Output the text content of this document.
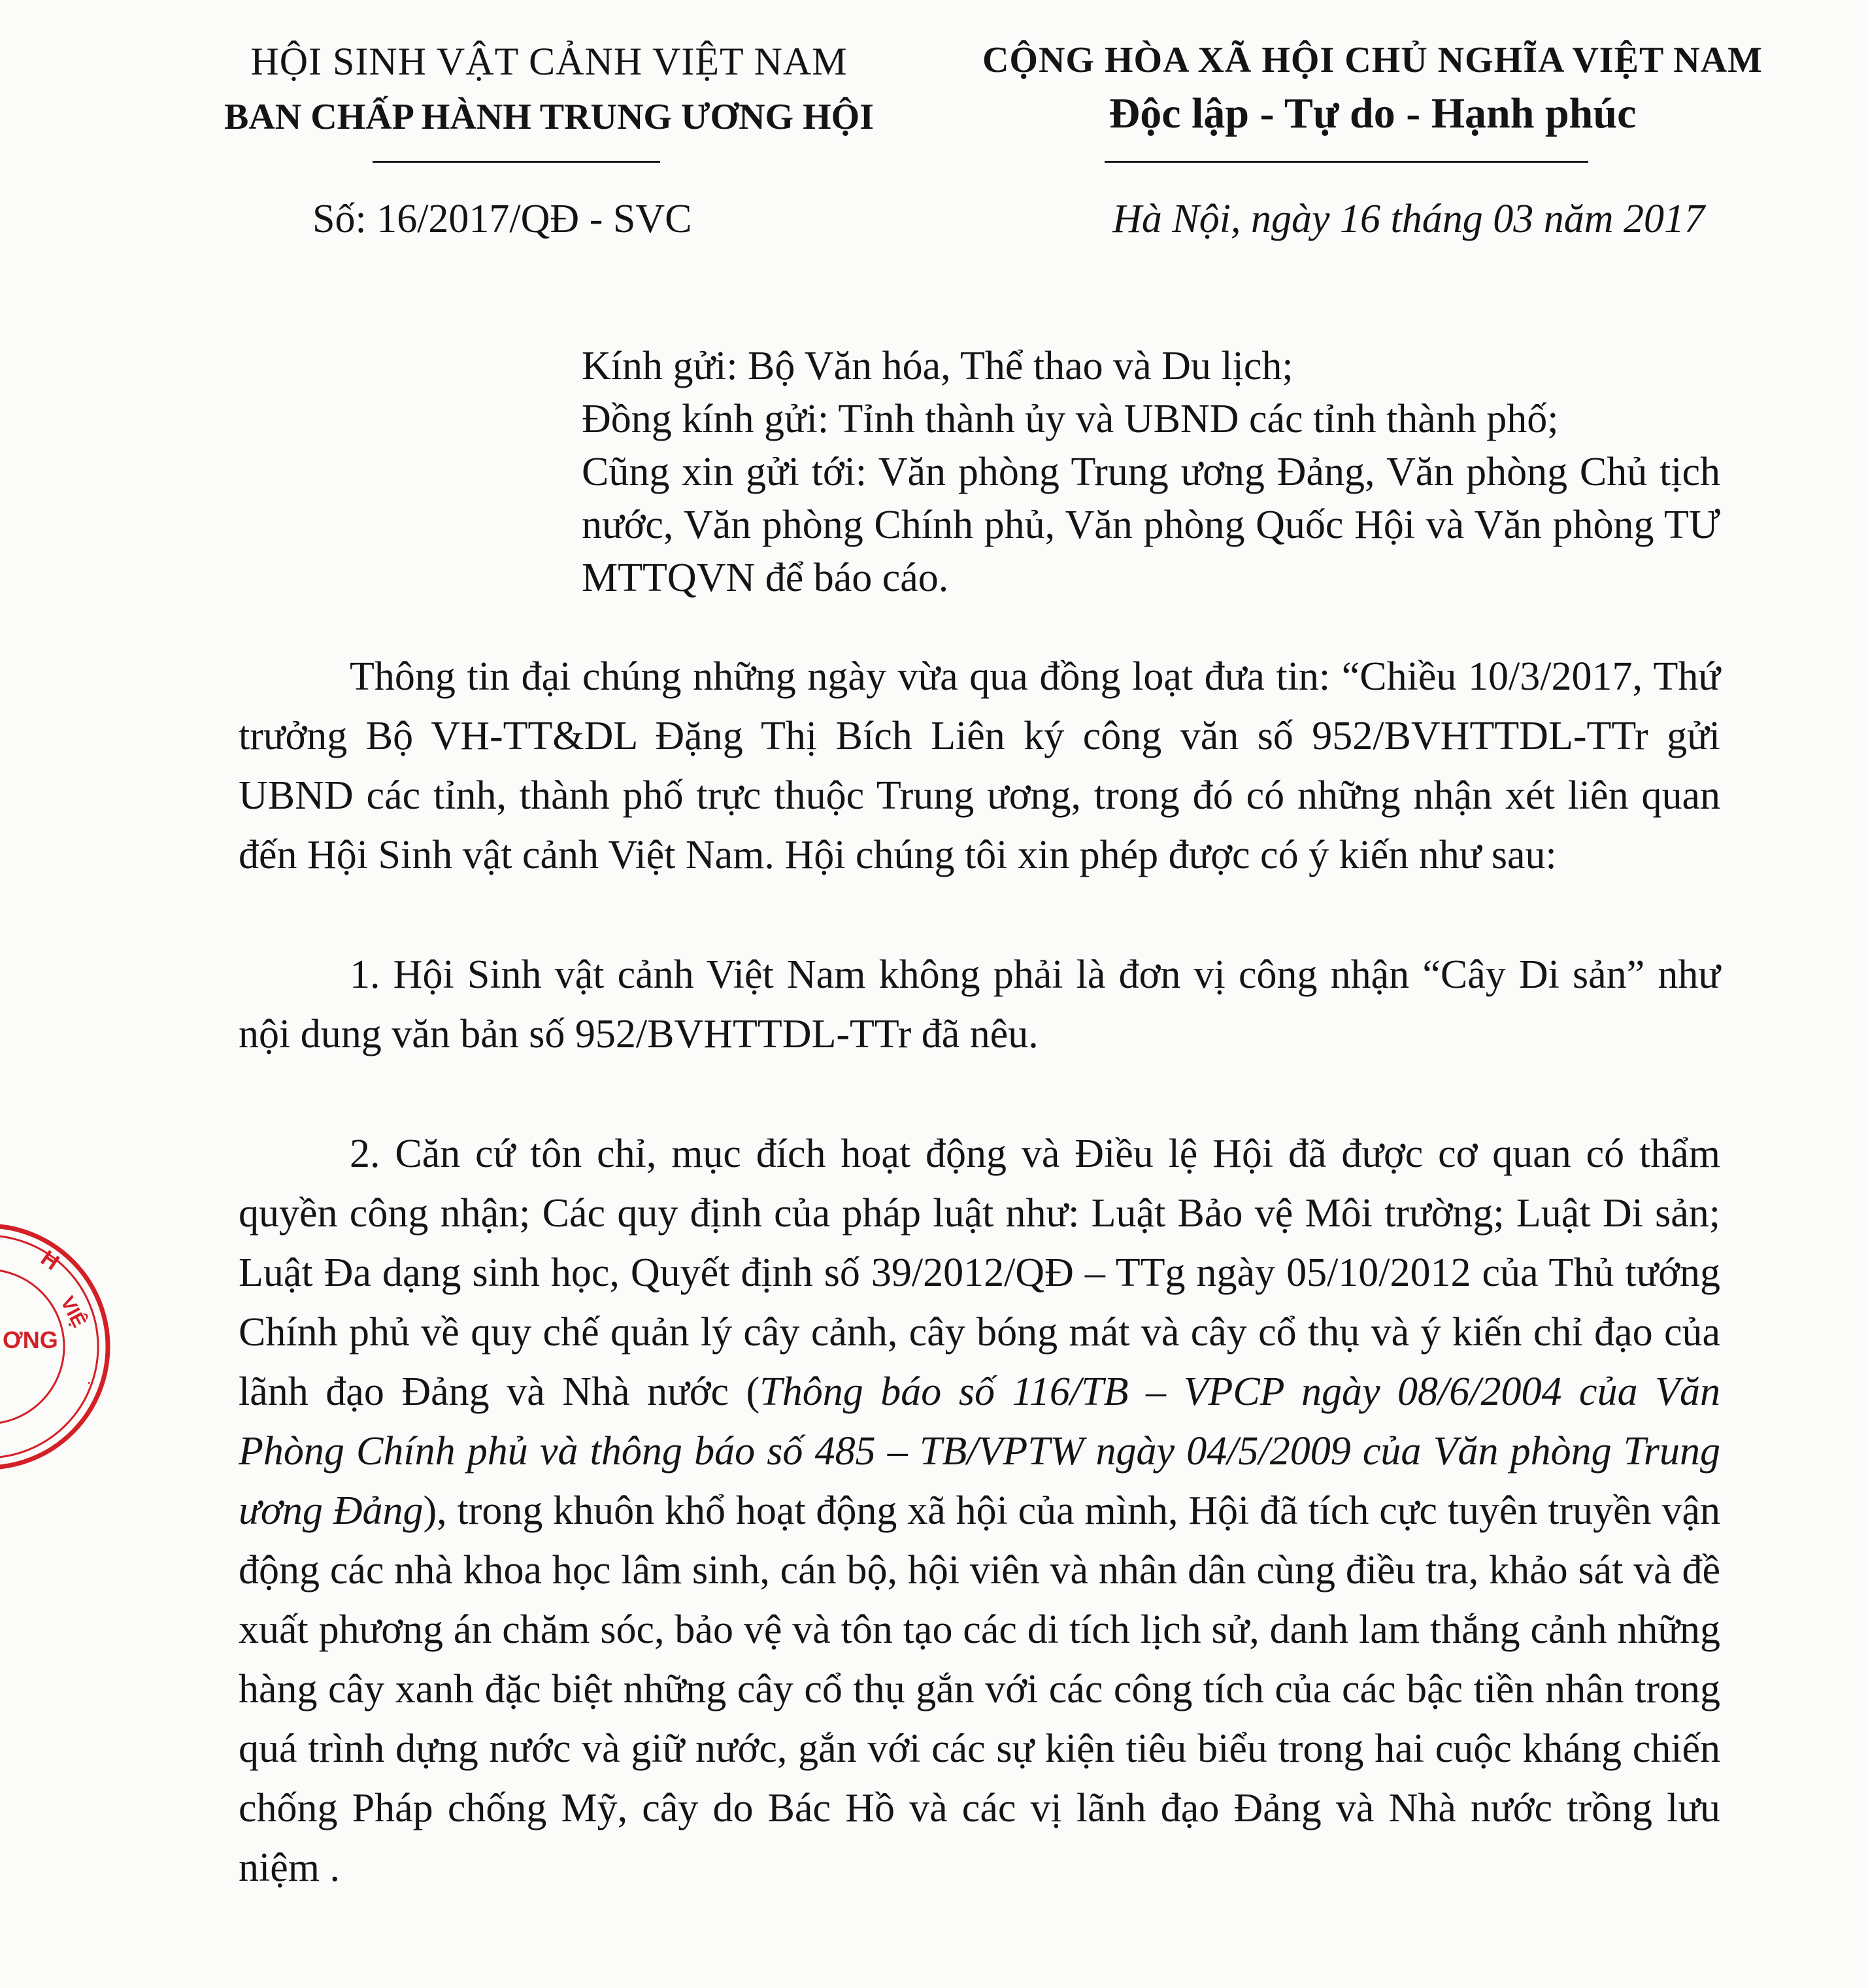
HỘI SINH VẬT CẢNH VIỆT NAM
BAN CHẤP HÀNH TRUNG ƯƠNG HỘI
CỘNG HÒA XÃ HỘI CHỦ NGHĨA VIỆT NAM
Độc lập - Tự do - Hạnh phúc
Số: 16/2017/QĐ - SVC	Hà Nội, ngày 16 tháng 03 năm 2017

Kính gửi: Bộ Văn hóa, Thể thao và Du lịch;

Đồng kính gửi: Tỉnh thành ủy và UBND các tỉnh thành phố;

Cũng xin gửi tới: Văn phòng Trung ương Đảng, Văn phòng Chủ tịch nước, Văn phòng Chính phủ, Văn phòng Quốc Hội và Văn phòng TƯ MTTQVN để báo cáo.

Thông tin đại chúng những ngày vừa qua đồng loạt đưa tin: “Chiều 10/3/2017, Thứ trưởng Bộ VH-TT&DL Đặng Thị Bích Liên ký công văn số 952/BVHTTDL-TTr gửi UBND các tỉnh, thành phố trực thuộc Trung ương, trong đó có những nhận xét liên quan đến Hội Sinh vật cảnh Việt Nam. Hội chúng tôi xin phép được có ý kiến như sau:

1. Hội Sinh vật cảnh Việt Nam không phải là đơn vị công nhận “Cây Di sản” như nội dung văn bản số 952/BVHTTDL-TTr đã nêu.

2. Căn cứ tôn chỉ, mục đích hoạt động và Điều lệ Hội đã được cơ quan có thẩm quyền công nhận; Các quy định của pháp luật như: Luật Bảo vệ Môi trường; Luật Di sản; Luật Đa dạng sinh học, Quyết định số 39/2012/QĐ – TTg ngày 05/10/2012 của Thủ tướng Chính phủ về quy chế quản lý cây cảnh, cây bóng mát và cây cổ thụ và ý kiến chỉ đạo của lãnh đạo Đảng và Nhà nước (Thông báo số 116/TB – VPCP ngày 08/6/2004 của Văn Phòng Chính phủ và thông báo số 485 – TB/VPTW ngày 04/5/2009 của Văn phòng Trung ương Đảng), trong khuôn khổ hoạt động xã hội của mình, Hội đã tích cực tuyên truyền vận động các nhà khoa học lâm sinh, cán bộ, hội viên và nhân dân cùng điều tra, khảo sát và đề xuất phương án chăm sóc, bảo vệ và tôn tạo các di tích lịch sử, danh lam thắng cảnh những hàng cây xanh đặc biệt những cây cổ thụ gắn với các công tích của các bậc tiền nhân trong quá trình dựng nước và giữ nước, gắn với các sự kiện tiêu biểu trong hai cuộc kháng chiến chống Pháp chống Mỹ, cây do Bác Hồ và các vị lãnh đạo Đảng và Nhà nước trồng lưu niệm .

H
VIỆ
ƠNG
·
